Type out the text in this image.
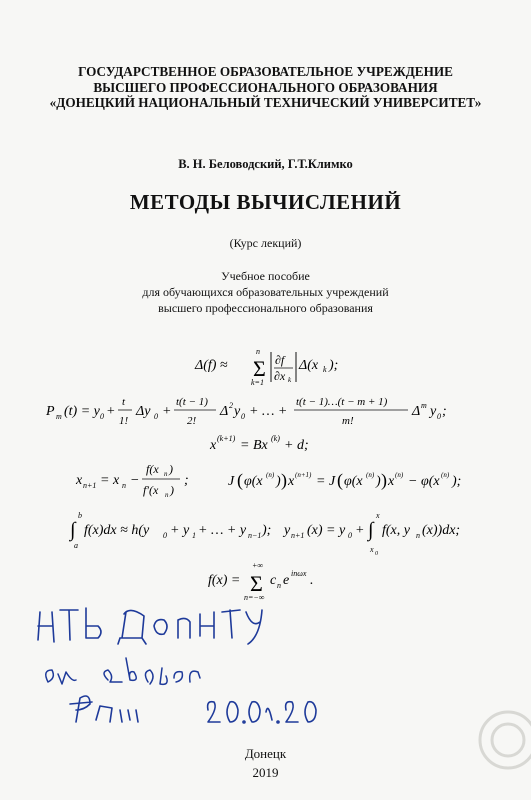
ГОСУДАРСТВЕННОЕ ОБРАЗОВАТЕЛЬНОЕ УЧРЕЖДЕНИЕ
ВЫСШЕГО ПРОФЕССИОНАЛЬНОГО ОБРАЗОВАНИЯ
«ДОНЕЦКИЙ НАЦИОНАЛЬНЫЙ ТЕХНИЧЕСКИЙ УНИВЕРСИТЕТ»
В. Н. Беловодский, Г.Т.Климко
МЕТОДЫ ВЫЧИСЛЕНИЙ
(Курс лекций)
Учебное пособие
для обучающихся образовательных учреждений
высшего профессионального образования
Δ(f) ≈ Σ
n
k=1
∂f
∂x k
Δ(x k );
P m (t) = y 0 +
t
1!
Δy 0 +
t(t − 1)
2!
Δ 2 y 0 + … +
t(t − 1)…(t − m + 1)
m!
Δ m y 0 ;
x (k+1) = Bx (k) + d;
x n+1 = x n −
f(x n )
f′(x n )
;	J ( φ(x (n) ) ) x (n+1) = J ( φ(x (n) ) ) x (n) − φ(x (n) );
∫
b
a
f(x)dx ≈ h(y 0 + y 1 + … + y n−1 ); y n+1 (x) = y 0 + ∫
x
x 0
f(x, y n (x))dx;
f(x) = Σ
+∞
n=−∞
c n e inωx .
НТБ ДонНТУ
Донецк
2019
